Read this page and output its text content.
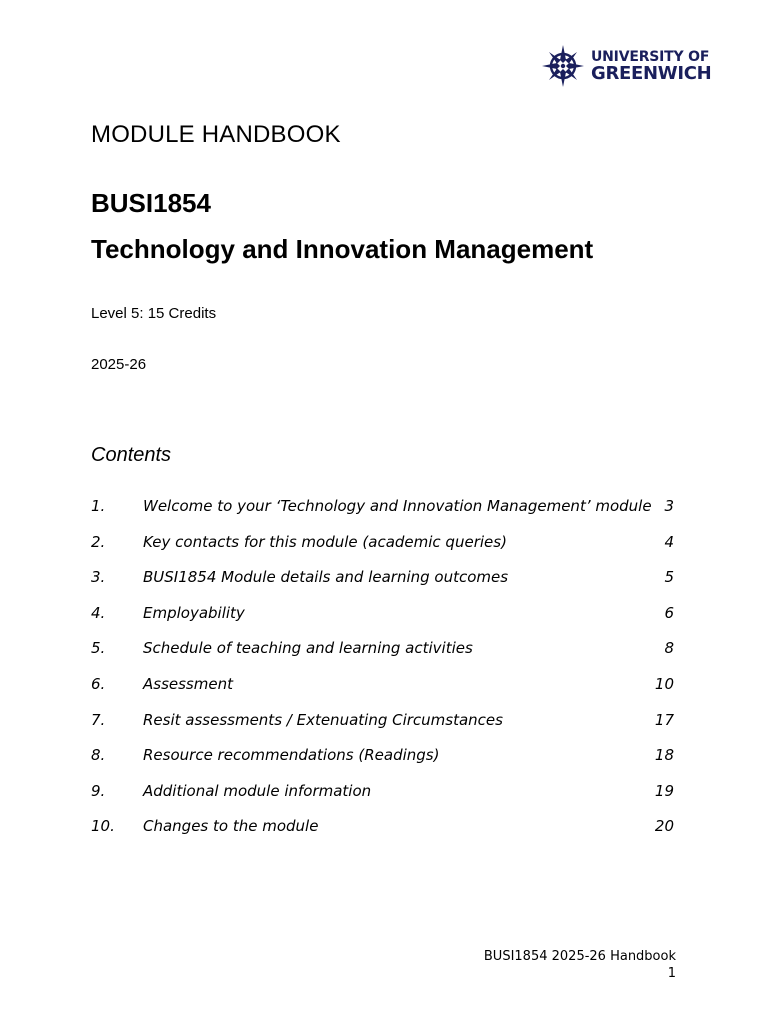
UNIVERSITY OF
GREENWICH
MODULE HANDBOOK
BUSI1854
Technology and Innovation Management
Level 5: 15 Credits
2025-26
Contents
1.	Welcome to your ‘Technology and Innovation Management’ module 3
2.	Key contacts for this module (academic queries)	4
3.	BUSI1854 Module details and learning outcomes	5
4.	Employability	6
5.	Schedule of teaching and learning activities	8
6.	Assessment	10
7.	Resit assessments / Extenuating Circumstances	17
8.	Resource recommendations (Readings)	18
9.	Additional module information	19
10. Changes to the module	20
BUSI1854 2025-26 Handbook
1
